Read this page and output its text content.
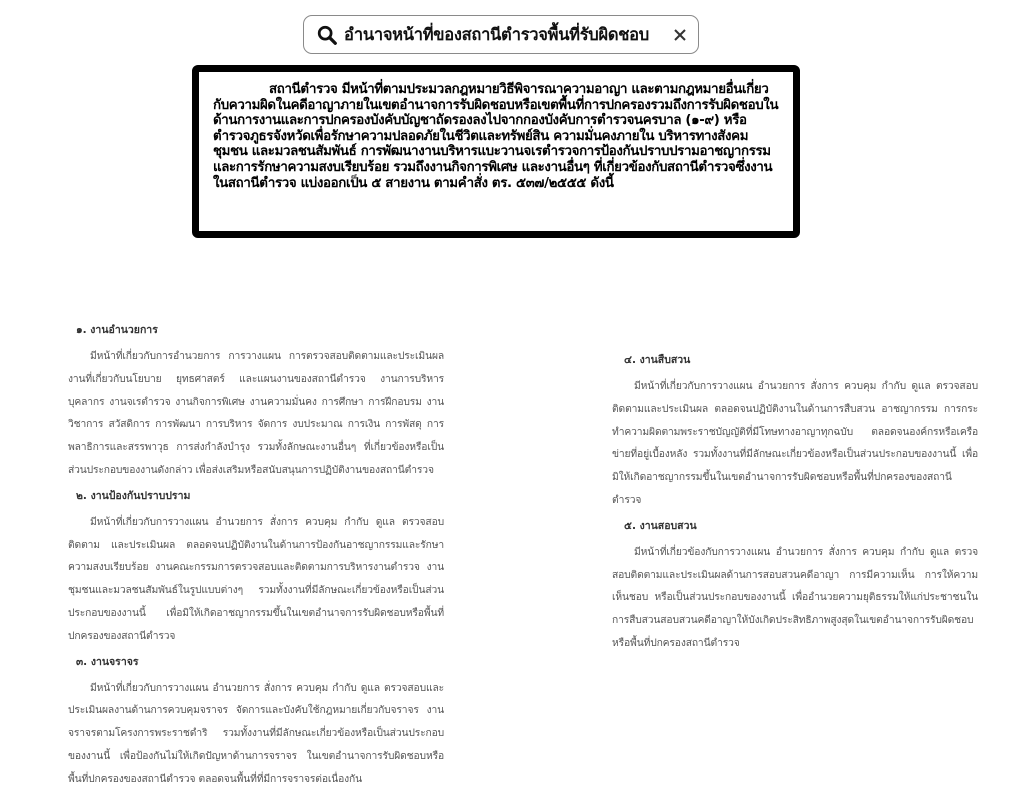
อำนาจหน้าที่ของสถานีตำรวจพื้นที่รับผิดชอบ

สถานีตำรวจ มีหน้าที่ตามประมวลกฎหมายวิธีพิจารณาความอาญา และตามกฎหมายอื่นเกี่ยวกับความผิดในคดีอาญาภายในเขตอำนาจการรับผิดชอบหรือเขตพื้นที่การปกครองรวมถึงการรับผิดชอบในด้านการงานและการปกครองบังคับบัญชาถัดรองลงไปจากกองบังคับการตำรวจนครบาล (๑-๙) หรือตำรวจภูธรจังหวัดเพื่อรักษาความปลอดภัยในชีวิตและทรัพย์สิน ความมั่นคงภายใน บริหารทางสังคม ชุมชน และมวลชนสัมพันธ์ การพัฒนางานบริหารแบะวานจเรตำรวจการป้องกันปราบปรามอาชญากรรมและการรักษาความสงบเรียบร้อย รวมถึงงานกิจการพิเศษ และงานอื่นๆ ที่เกี่ยวข้องกับสถานีตำรวจซึ่งงานในสถานีตำรวจ แบ่งออกเป็น ๕ สายงาน ตามคำสั่ง ตร. ๕๓๗/๒๕๕๕ ดังนี้

๑. งานอำนวยการ

มีหน้าที่เกี่ยวกับการอำนวยการ การวางแผน การตรวจสอบติดตามและประเมินผลงานที่เกี่ยวกับนโยบาย ยุทธศาสตร์ และแผนงานของสถานีตำรวจ งานการบริหารบุคลากร งานจเรตำรวจ งานกิจการพิเศษ งานความมั่นคง การศึกษา การฝึกอบรม งานวิชาการ สวัสดิการ การพัฒนา การบริหาร จัดการ งบประมาณ การเงิน การพัสดุ การพลาธิการและสรรพาวุธ การส่งกำลังบำรุง รวมทั้งลักษณะงานอื่นๆ ที่เกี่ยวข้องหรือเป็นส่วนประกอบของงานดังกล่าว เพื่อส่งเสริมหรือสนับสนุนการปฏิบัติงานของสถานีตำรวจ

๒. งานป้องกันปราบปราม

มีหน้าที่เกี่ยวกับการวางแผน อำนวยการ สั่งการ ควบคุม กำกับ ดูแล ตรวจสอบติดตาม และประเมินผล ตลอดจนปฏิบัติงานในด้านการป้องกันอาชญากรรมและรักษาความสงบเรียบร้อย งานคณะกรรมการตรวจสอบและติดตามการบริหารงานตำรวจ งานชุมชนและมวลชนสัมพันธ์ในรูปแบบต่างๆ รวมทั้งงานที่มีลักษณะเกี่ยวข้องหรือเป็นส่วนประกอบของงานนี้ เพื่อมิให้เกิดอาชญากรรมขึ้นในเขตอำนาจการรับผิดชอบหรือพื้นที่ปกครองของสถานีตำรวจ

๓. งานจราจร

มีหน้าที่เกี่ยวกับการวางแผน อำนวยการ สั่งการ ควบคุม กำกับ ดูแล ตรวจสอบและประเมินผลงานด้านการควบคุมจราจร จัดการและบังคับใช้กฎหมายเกี่ยวกับจราจร งานจราจรตามโครงการพระราชดำริ รวมทั้งงานที่มีลักษณะเกี่ยวข้องหรือเป็นส่วนประกอบของงานนี้ เพื่อป้องกันไม่ให้เกิดปัญหาด้านการจราจร ในเขตอำนาจการรับผิดชอบหรือพื้นที่ปกครองของสถานีตำรวจ ตลอดจนพื้นที่ที่มีการจราจรต่อเนื่องกัน

๔. งานสืบสวน

มีหน้าที่เกี่ยวกับการวางแผน อำนวยการ สั่งการ ควบคุม กำกับ ดูแล ตรวจสอบติดตามและประเมินผล ตลอดจนปฏิบัติงานในด้านการสืบสวน อาชญากรรม การกระทำความผิดตามพระราชบัญญัติที่มีโทษทางอาญาทุกฉบับ ตลอดจนองค์กรหรือเครือข่ายที่อยู่เบื้องหลัง รวมทั้งงานที่มีลักษณะเกี่ยวข้องหรือเป็นส่วนประกอบของงานนี้ เพื่อมิให้เกิดอาชญากรรมขึ้นในเขตอำนาจการรับผิดชอบหรือพื้นที่ปกครองของสถานีตำรวจ

๕. งานสอบสวน

มีหน้าที่เกี่ยวข้องกับการวางแผน อำนวยการ สั่งการ ควบคุม กำกับ ดูแล ตรวจสอบติดตามและประเมินผลด้านการสอบสวนคดีอาญา การมีความเห็น การให้ความเห็นชอบ หรือเป็นส่วนประกอบของงานนี้ เพื่ออำนวยความยุติธรรมให้แก่ประชาชนในการสืบสวนสอบสวนคดีอาญาให้บังเกิดประสิทธิภาพสูงสุดในเขตอำนาจการรับผิดชอบหรือพื้นที่ปกครองสถานีตำรวจ
